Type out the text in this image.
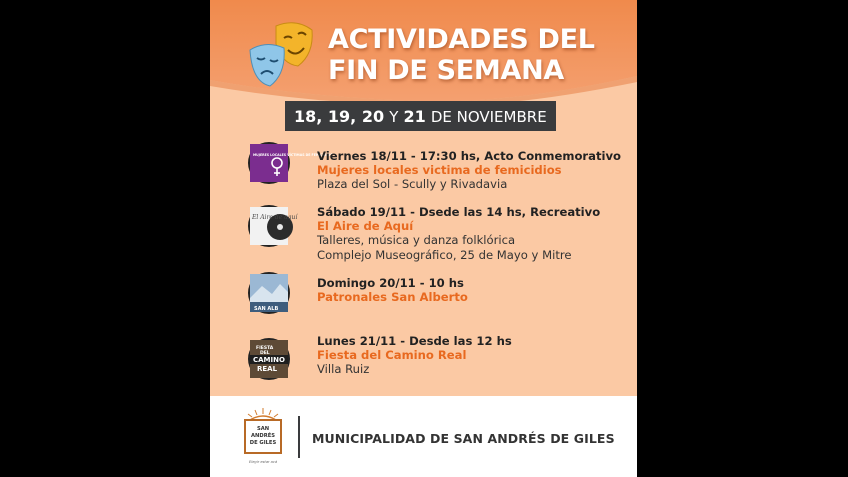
ACTIVIDADES DEL
FIN DE SEMANA
18, 19, 20 Y 21 DE NOVIEMBRE
MUJERES LOCALES VÍCTIMAS DE FEMICIDIOS
Viernes 18/11 - 17:30 hs, Acto Conmemorativo
Mujeres locales victima de femicidios
Plaza del Sol - Scully y Rivadavia
El Aire de aquí Sábado 19/11 - Dsede las 14 hs, Recreativo
El Aire de Aquí
Talleres, música y danza folklórica
Complejo Museográfico, 25 de Mayo y Mitre
SAN ALB
Domingo 20/11 - 10 hs
Patronales San Alberto
FIESTA
DEL
CAMINO
REAL
Lunes 21/11 - Desde las 12 hs
Fiesta del Camino Real
Villa Ruiz
SAN
ANDRÉS
DE GILES
Elegir estar acá
MUNICIPALIDAD DE SAN ANDRÉS DE GILES
